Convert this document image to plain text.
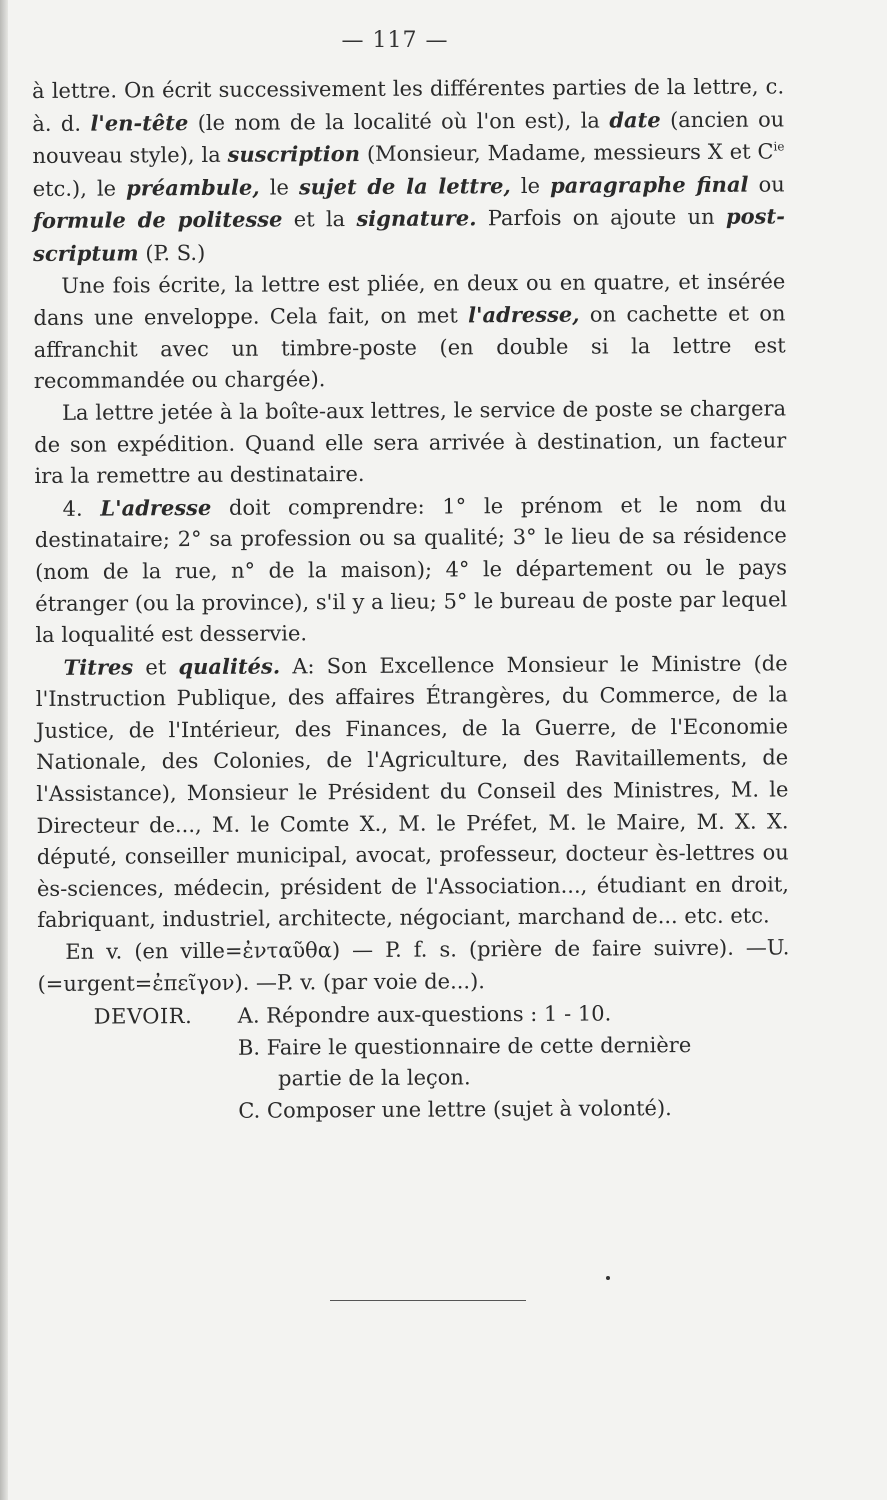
— 117 —

à lettre. On écrit successivement les différentes parties de la lettre, c. à. d. l'en-tête (le nom de la localité où l'on est), la date (ancien ou nouveau style), la suscription (Monsieur, Madame, messieurs X et $C^{ie}$ etc.), le préambule, le sujet de la lettre, le paragraphe final ou formule de politesse et la signature. Parfois on ajoute un post-scriptum (P. S.)

Une fois écrite, la lettre est pliée, en deux ou en quatre, et insérée dans une enveloppe. Cela fait, on met l'adresse, on cachette et on affranchit avec un timbre-poste (en double si la lettre est recommandée ou chargée).

La lettre jetée à la boîte-aux lettres, le service de poste se chargera de son expédition. Quand elle sera arrivée à destination, un facteur ira la remettre au destinataire.

4. L'adresse doit comprendre: 1° le prénom et le nom du destinataire; 2° sa profession ou sa qualité; 3° le lieu de sa résidence (nom de la rue, n° de la maison); 4° le département ou le pays étranger (ou la province), s'il y a lieu; 5° le bureau de poste par lequel la loqualité est desservie.

Titres et qualités. A: Son Excellence Monsieur le Ministre (de l'Instruction Publique, des affaires Étrangères, du Commerce, de la Justice, de l'Intérieur, des Finances, de la Guerre, de l'Economie Nationale, des Colonies, de l'Agriculture, des Ravitaillements, de l'Assistance), Monsieur le Président du Conseil des Ministres, M. le Directeur de..., M. le Comte X., M. le Préfet, M. le Maire, M. X. X. député, conseiller municipal, avocat, professeur, docteur ès-lettres ou ès-sciences, médecin, président de l'Association..., étudiant en droit, fabriquant, industriel, architecte, négociant, marchand de... etc. etc.

En v. (en ville=ἐνταῦθα) — P. f. s. (prière de faire suivre). —U. (=urgent=ἐπεῖγον). —P. v. (par voie de...).

DEVOIR.	A. Répondre aux-questions : 1 - 10.
B. Faire le questionnaire de cette dernière
partie de la leçon.
C. Composer une lettre (sujet à volonté).
